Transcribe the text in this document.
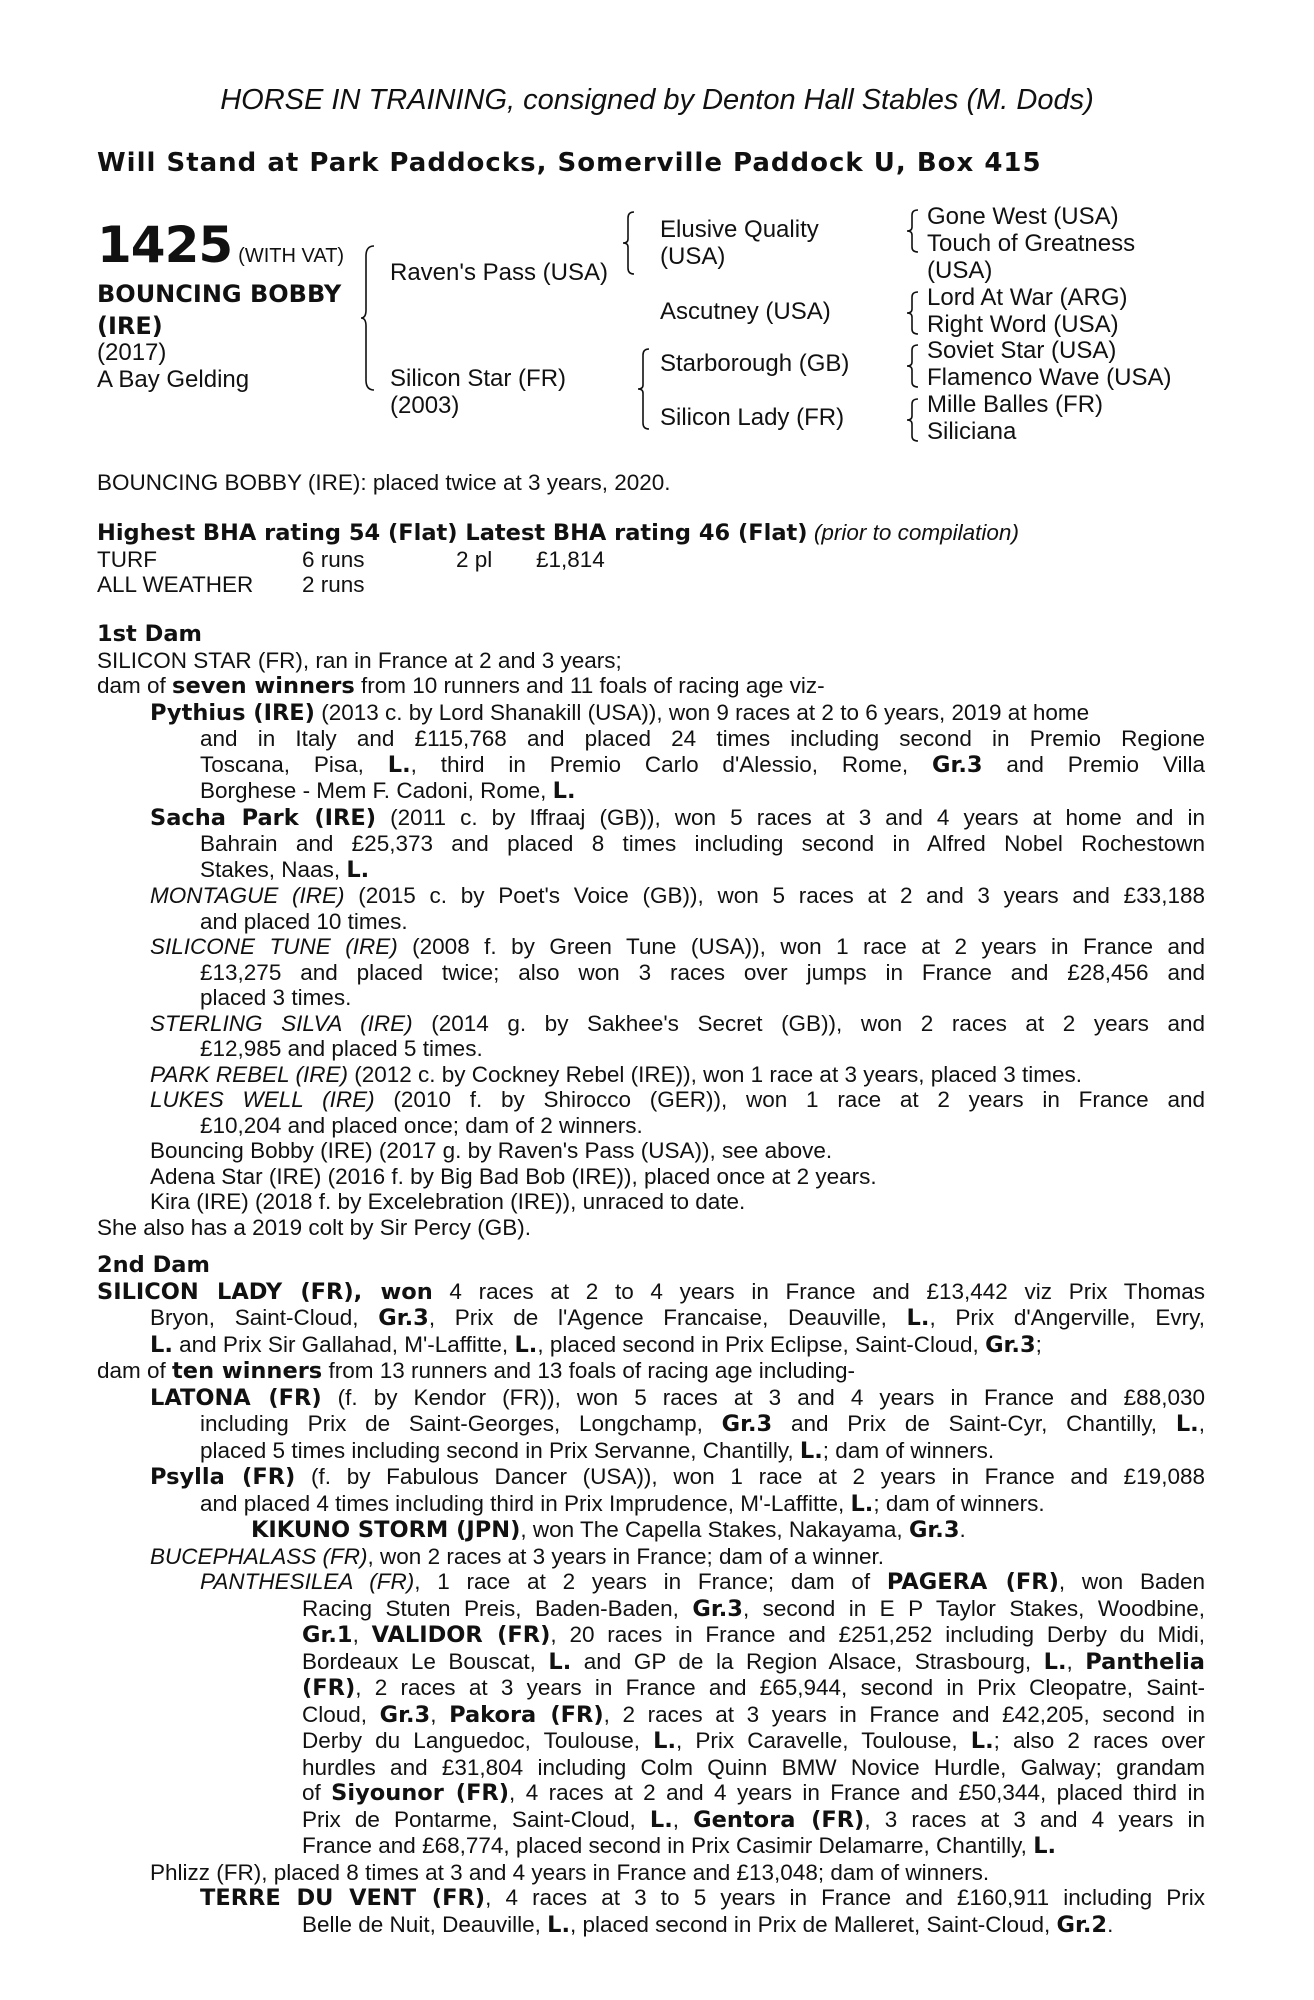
HORSE IN TRAINING, consigned by Denton Hall Stables (M. Dods)
Will Stand at Park Paddocks, Somerville Paddock U, Box 415
1425 (WITH VAT)
BOUNCING BOBBY
(IRE)
(2017)
A Bay Gelding
Raven's Pass (USA)
Silicon Star (FR)
(2003)
Elusive Quality
(USA)
Ascutney (USA)
Starborough (GB)
Silicon Lady (FR)
Gone West (USA)
Touch of Greatness
(USA)
Lord At War (ARG)
Right Word (USA)
Soviet Star (USA)
Flamenco Wave (USA)
Mille Balles (FR)
Siliciana
BOUNCING BOBBY (IRE): placed twice at 3 years, 2020.
Highest BHA rating 54 (Flat) Latest BHA rating 46 (Flat) (prior to compilation)
TURF	6 runs	2 pl £1,814
ALL WEATHER 2 runs
1st Dam
SILICON STAR (FR), ran in France at 2 and 3 years;
dam of seven winners from 10 runners and 11 foals of racing age viz-
Pythius (IRE) (2013 c. by Lord Shanakill (USA)), won 9 races at 2 to 6 years, 2019 at home
and in Italy and £115,768 and placed 24 times including second in Premio Regione
Toscana, Pisa, L., third in Premio Carlo d'Alessio, Rome, Gr.3 and Premio Villa
Borghese - Mem F. Cadoni, Rome, L.
Sacha Park (IRE) (2011 c. by Iffraaj (GB)), won 5 races at 3 and 4 years at home and in
Bahrain and £25,373 and placed 8 times including second in Alfred Nobel Rochestown
Stakes, Naas, L.
MONTAGUE (IRE) (2015 c. by Poet's Voice (GB)), won 5 races at 2 and 3 years and £33,188
and placed 10 times.
SILICONE TUNE (IRE) (2008 f. by Green Tune (USA)), won 1 race at 2 years in France and
£13,275 and placed twice; also won 3 races over jumps in France and £28,456 and
placed 3 times.
STERLING SILVA (IRE) (2014 g. by Sakhee's Secret (GB)), won 2 races at 2 years and
£12,985 and placed 5 times.
PARK REBEL (IRE) (2012 c. by Cockney Rebel (IRE)), won 1 race at 3 years, placed 3 times.
LUKES WELL (IRE) (2010 f. by Shirocco (GER)), won 1 race at 2 years in France and
£10,204 and placed once; dam of 2 winners.
Bouncing Bobby (IRE) (2017 g. by Raven's Pass (USA)), see above.
Adena Star (IRE) (2016 f. by Big Bad Bob (IRE)), placed once at 2 years.
Kira (IRE) (2018 f. by Excelebration (IRE)), unraced to date.
She also has a 2019 colt by Sir Percy (GB).
2nd Dam
SILICON LADY (FR), won 4 races at 2 to 4 years in France and £13,442 viz Prix Thomas
Bryon, Saint-Cloud, Gr.3, Prix de l'Agence Francaise, Deauville, L., Prix d'Angerville, Evry,
L. and Prix Sir Gallahad, M'-Laffitte, L., placed second in Prix Eclipse, Saint-Cloud, Gr.3;
dam of ten winners from 13 runners and 13 foals of racing age including-
LATONA (FR) (f. by Kendor (FR)), won 5 races at 3 and 4 years in France and £88,030
including Prix de Saint-Georges, Longchamp, Gr.3 and Prix de Saint-Cyr, Chantilly, L.,
placed 5 times including second in Prix Servanne, Chantilly, L.; dam of winners.
Psylla (FR) (f. by Fabulous Dancer (USA)), won 1 race at 2 years in France and £19,088
and placed 4 times including third in Prix Imprudence, M'-Laffitte, L.; dam of winners.
KIKUNO STORM (JPN), won The Capella Stakes, Nakayama, Gr.3.
BUCEPHALASS (FR), won 2 races at 3 years in France; dam of a winner.
PANTHESILEA (FR), 1 race at 2 years in France; dam of PAGERA (FR), won Baden
Racing Stuten Preis, Baden-Baden, Gr.3, second in E P Taylor Stakes, Woodbine,
Gr.1, VALIDOR (FR), 20 races in France and £251,252 including Derby du Midi,
Bordeaux Le Bouscat, L. and GP de la Region Alsace, Strasbourg, L., Panthelia
(FR), 2 races at 3 years in France and £65,944, second in Prix Cleopatre, Saint-
Cloud, Gr.3, Pakora (FR), 2 races at 3 years in France and £42,205, second in
Derby du Languedoc, Toulouse, L., Prix Caravelle, Toulouse, L.; also 2 races over
hurdles and £31,804 including Colm Quinn BMW Novice Hurdle, Galway; grandam
of Siyounor (FR), 4 races at 2 and 4 years in France and £50,344, placed third in
Prix de Pontarme, Saint-Cloud, L., Gentora (FR), 3 races at 3 and 4 years in
France and £68,774, placed second in Prix Casimir Delamarre, Chantilly, L.
Phlizz (FR), placed 8 times at 3 and 4 years in France and £13,048; dam of winners.
TERRE DU VENT (FR), 4 races at 3 to 5 years in France and £160,911 including Prix
Belle de Nuit, Deauville, L., placed second in Prix de Malleret, Saint-Cloud, Gr.2.
